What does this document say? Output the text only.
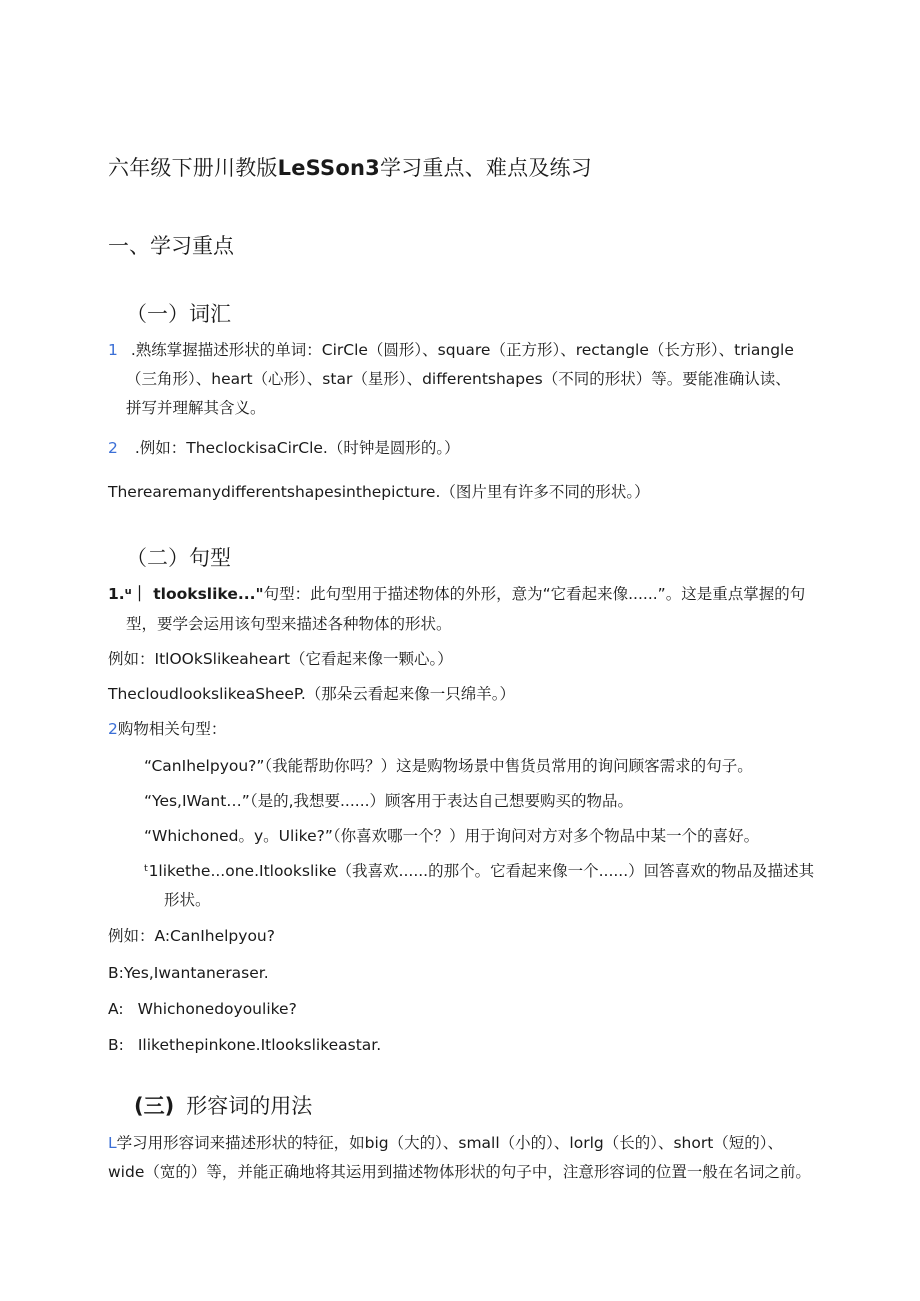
六年级下册川教版LeSSon3学习重点、难点及练习
一、学习重点
（一）词汇
1 .熟练掌握描述形状的单词：CirCle（圆形）、square（正方形）、rectangle（长方形）、triangle
（三角形）、heart（心形）、star（星形）、differentshapes（不同的形状）等。要能准确认读、
拼写并理解其含义。
2 .例如：TheclockisaCirCle.（时钟是圆形的。）
Therearemanydifferentshapesinthepicture.（图片里有许多不同的形状。）
（二）句型
1.ᵘ｜ tlookslike..."句型：此句型用于描述物体的外形，意为“它看起来像......”。这是重点掌握的句
型，要学会运用该句型来描述各种物体的形状。
例如：ItlOOkSlikeaheart（它看起来像一颗心。）
ThecloudlookslikeaSheeP.（那朵云看起来像一只绵羊。）
2购物相关句型：
“CanIhelpyou?”（我能帮助你吗？）这是购物场景中售货员常用的询问顾客需求的句子。
“Yes,IWant…”（是的,我想要......）顾客用于表达自己想要购买的物品。
“Whichoned。y。Ulike?”（你喜欢哪一个？）用于询问对方对多个物品中某一个的喜好。
ᵗ1likethe...one.Itlookslike（我喜欢......的那个。它看起来像一个......）回答喜欢的物品及描述其
形状。
例如：A:CanIhelpyou?
B:Yes,Iwantaneraser.
A: Whichonedoyoulike?
B: Ilikethepinkone.Itlookslikeastar.
(三) 形容词的用法
L学习用形容词来描述形状的特征，如big（大的）、small（小的）、lorlg（长的）、short（短的）、
wide（宽的）等，并能正确地将其运用到描述物体形状的句子中，注意形容词的位置一般在名词之前。
